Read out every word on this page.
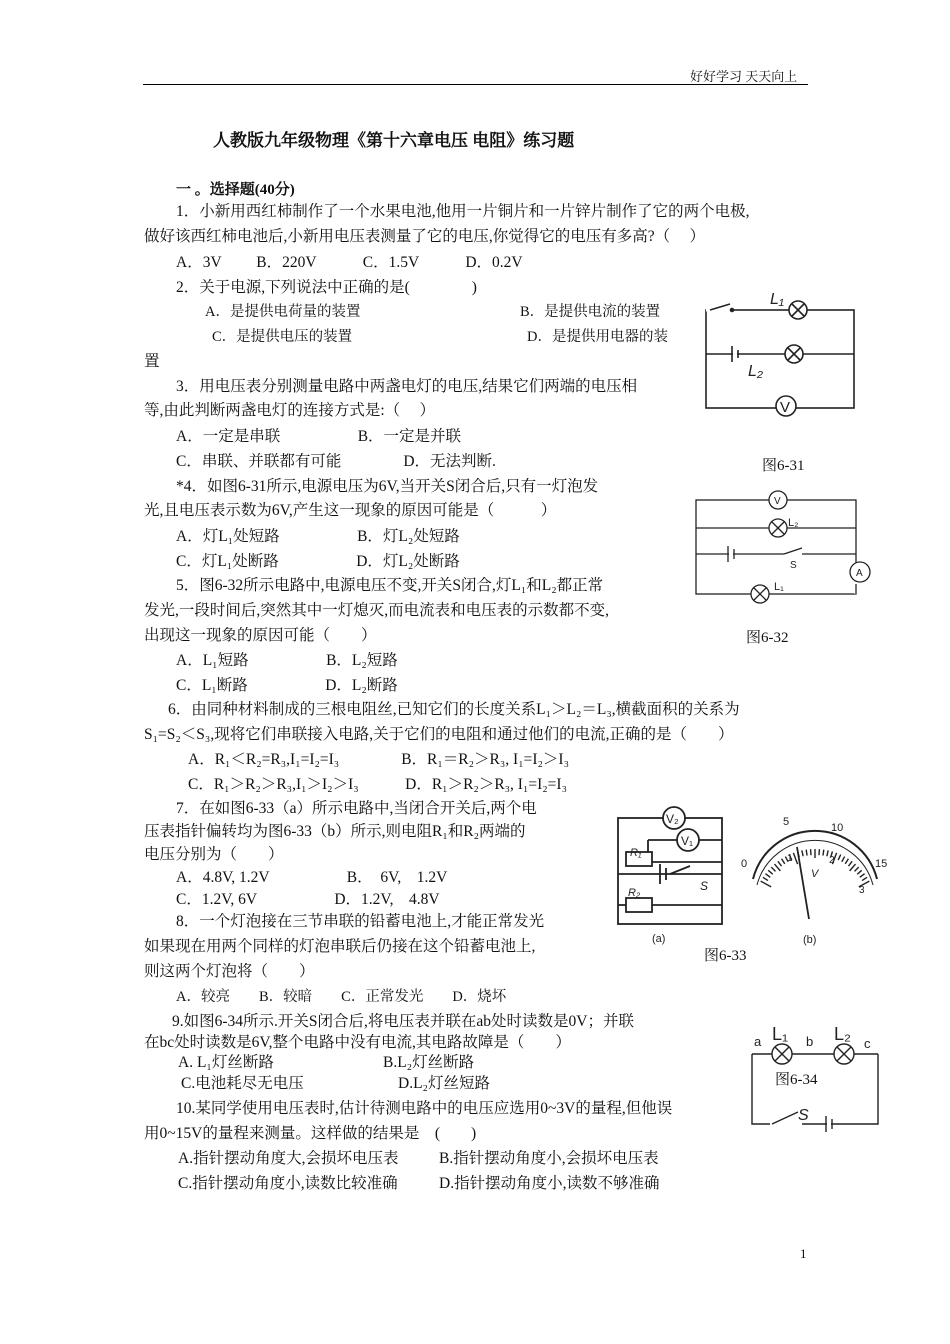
好好学习 天天向上
人教版九年级物理《第十六章电压 电阻》练习题
一 。选择题(40分)
1．小新用西红柿制作了一个水果电池,他用一片铜片和一片锌片制作了它的两个电极,
做好该西红柿电池后,小新用电压表测量了它的电压,你觉得它的电压有多高?（　 ）
A．3V　　 B．220V　　　C．1.5V　　　D．0.2V
2．关于电源,下列说法中正确的是(　　　　)
A．是提供电荷量的装置	B．是提供电流的装置
C．是提供电压的装置	D．是提供用电器的装
置
3．用电压表分别测量电路中两盏电灯的电压,结果它们两端的电压相
等,由此判断两盏电灯的连接方式是:（　 ）
A．一定是串联　　　　　B．一定是并联
C．串联、并联都有可能　　　　D．无法判断.
*4．如图6-31所示,电源电压为6V,当开关S闭合后,只有一灯泡发
光,且电压表示数为6V,产生这一现象的原因可能是（　　　）
A．灯L₁处短路　　　　　B．灯L₂处短路
C．灯L₁处断路　　　　　D．灯L₂处断路
5．图6-32所示电路中,电源电压不变,开关S闭合,灯L₁和L₂都正常
发光,一段时间后,突然其中一灯熄灭,而电流表和电压表的示数都不变,
出现这一现象的原因可能（　　）
A．L₁短路　　　　　B．L₂短路
C．L₁断路　　　　　D．L₂断路
6．由同种材料制成的三根电阻丝,已知它们的长度关系L₁＞L₂＝L₃,横截面积的关系为
S₁=S₂＜S₃,现将它们串联接入电路,关于它们的电阻和通过他们的电流,正确的是（　　）
A．R₁＜R₂=R₃,I₁=I₂=I₃　　　　B．R₁＝R₂＞R₃, I₁=I₂＞I₃
C．R₁＞R₂＞R₃,I₁＞I₂＞I₃　　　D．R₁＞R₂＞R₃, I₁=I₂=I₃
7．在如图6-33（a）所示电路中,当闭合开关后,两个电
压表指针偏转均为图6-33（b）所示,则电阻R₁和R₂两端的
电压分别为（　　）
A．4.8V, 1.2V　　　　　B．　6V,　1.2V
C．1.2V, 6V　　　　　D．1.2V,　4.8V
8．一个灯泡接在三节串联的铅蓄电池上,才能正常发光
如果现在用两个同样的灯泡串联后仍接在这个铅蓄电池上,
则这两个灯泡将（　　）
A．较亮　　B．较暗　　C．正常发光　　D．烧坏
9.如图6-34所示.开关S闭合后,将电压表并联在ab处时读数是0V；并联
在bc处时读数是6V,整个电路中没有电流,其电路故障是（　　）
A. L₁灯丝断路	B.L₂灯丝断路
C.电池耗尽无电压	D.L₂灯丝短路
10.某同学使用电压表时,估计待测电路中的电压应选用0~3V的量程,但他误
用0~15V的量程来测量。这样做的结果是　(　　)
A.指针摆动角度大,会损坏电压表	B.指针摆动角度小,会损坏电压表
C.指针摆动角度小,读数比较准确	D.指针摆动角度小,读数不够准确
L₁
L₂
V
图6-31
V
L₂
S
L₁
A
图6-32
V₂
V₁
R₁
S
R₂
(a)
0
5	10
15
1	2
3
V
(b)
图6-33
a L₁ b L₂ c
S
图6-34
1
